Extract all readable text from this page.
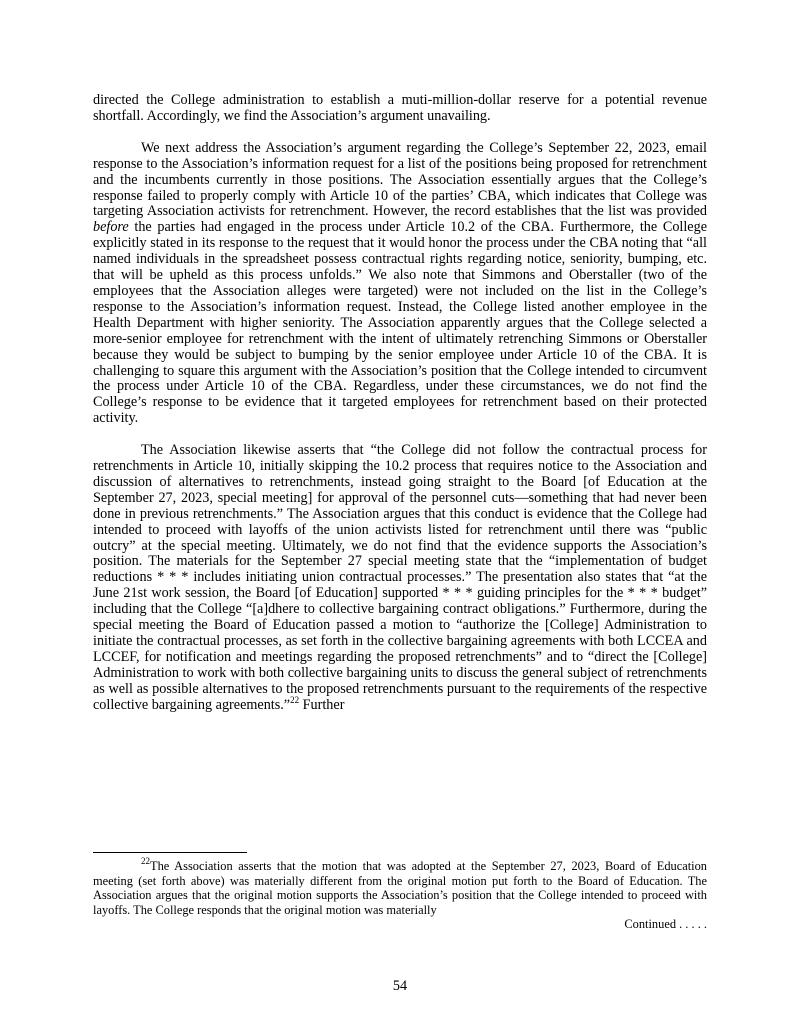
directed the College administration to establish a muti-million-dollar reserve for a potential revenue shortfall. Accordingly, we find the Association’s argument unavailing.

We next address the Association’s argument regarding the College’s September 22, 2023, email response to the Association’s information request for a list of the positions being proposed for retrenchment and the incumbents currently in those positions. The Association essentially argues that the College’s response failed to properly comply with Article 10 of the parties’ CBA, which indicates that College was targeting Association activists for retrenchment. However, the record establishes that the list was provided before the parties had engaged in the process under Article 10.2 of the CBA. Furthermore, the College explicitly stated in its response to the request that it would honor the process under the CBA noting that “all named individuals in the spreadsheet possess contractual rights regarding notice, seniority, bumping, etc. that will be upheld as this process unfolds.” We also note that Simmons and Oberstaller (two of the employees that the Association alleges were targeted) were not included on the list in the College’s response to the Association’s information request. Instead, the College listed another employee in the Health Department with higher seniority. The Association apparently argues that the College selected a more-senior employee for retrenchment with the intent of ultimately retrenching Simmons or Oberstaller because they would be subject to bumping by the senior employee under Article 10 of the CBA. It is challenging to square this argument with the Association’s position that the College intended to circumvent the process under Article 10 of the CBA. Regardless, under these circumstances, we do not find the College’s response to be evidence that it targeted employees for retrenchment based on their protected activity.

The Association likewise asserts that “the College did not follow the contractual process for retrenchments in Article 10, initially skipping the 10.2 process that requires notice to the Association and discussion of alternatives to retrenchments, instead going straight to the Board [of Education at the September 27, 2023, special meeting] for approval of the personnel cuts—something that had never been done in previous retrenchments.” The Association argues that this conduct is evidence that the College had intended to proceed with layoffs of the union activists listed for retrenchment until there was “public outcry” at the special meeting. Ultimately, we do not find that the evidence supports the Association’s position. The materials for the September 27 special meeting state that the “implementation of budget reductions * * * includes initiating union contractual processes.” The presentation also states that “at the June 21st work session, the Board [of Education] supported * * * guiding principles for the * * * budget” including that the College “[a]dhere to collective bargaining contract obligations.” Furthermore, during the special meeting the Board of Education passed a motion to “authorize the [College] Administration to initiate the contractual processes, as set forth in the collective bargaining agreements with both LCCEA and LCCEF, for notification and meetings regarding the proposed retrenchments” and to “direct the [College] Administration to work with both collective bargaining units to discuss the general subject of retrenchments as well as possible alternatives to the proposed retrenchments pursuant to the requirements of the respective collective bargaining agreements.”$^{22}$ Further

$^{22}$The Association asserts that the motion that was adopted at the September 27, 2023, Board of Education meeting (set forth above) was materially different from the original motion put forth to the Board of Education. The Association argues that the original motion supports the Association’s position that the College intended to proceed with layoffs. The College responds that the original motion was materially

Continued . . . . .

54
